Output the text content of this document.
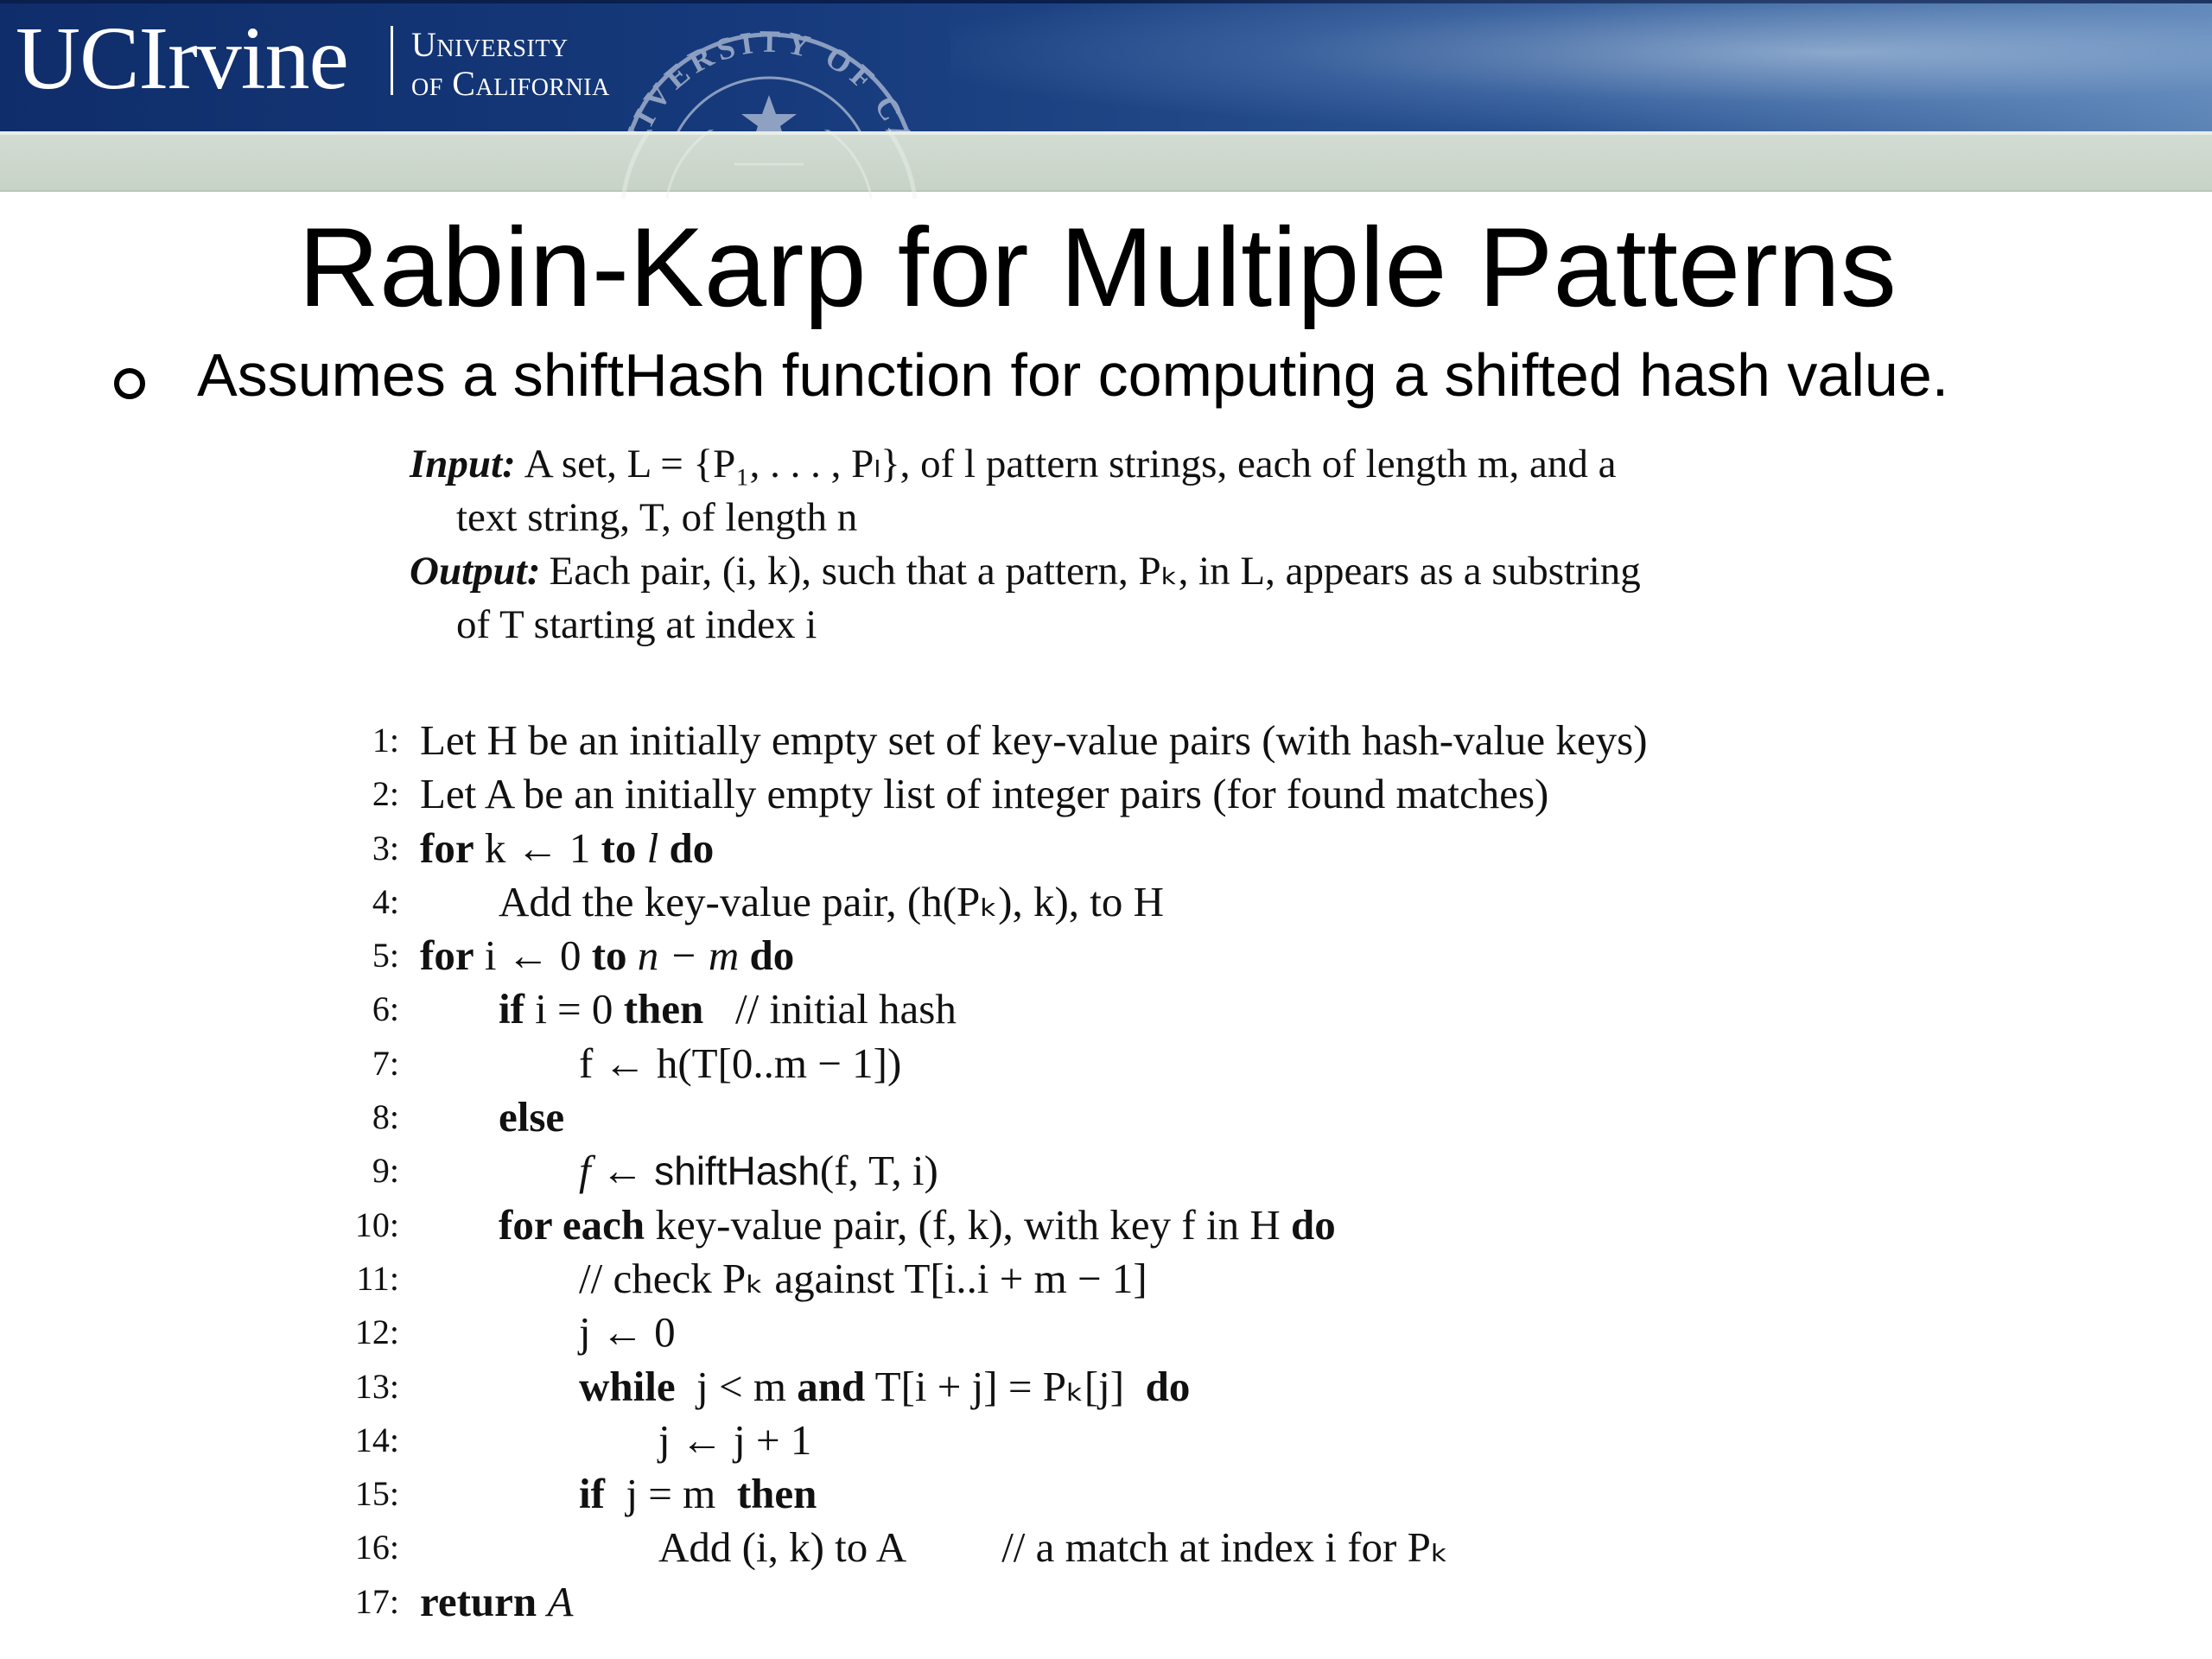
UCIrvine University
of California
IVERSITY OF C
Rabin-Karp for Multiple Patterns
Assumes a shiftHash function for computing a shifted hash value.
Input: A set, L = {P₁, . . . , Pₗ}, of l pattern strings, each of length m, and a
text string, T, of length n
Output: Each pair, (i, k), such that a pattern, Pₖ, in L, appears as a substring
of T starting at index i
1: Let H be an initially empty set of key-value pairs (with hash-value keys)
2: Let A be an initially empty list of integer pairs (for found matches)
3: for k ← 1 to l do
4: Add the key-value pair, (h(Pₖ), k), to H
5: for i ← 0 to n − m do
6: if i = 0 then // initial hash
7:	f ← h(T[0..m − 1])
8: else
9:	f ← shiftHash(f, T, i)
10: for each key-value pair, (f, k), with key f in H do
11:	// check Pₖ against T[i..i + m − 1]
12:	j ← 0
13:	while j < m and T[i + j] = Pₖ[j] do
14:	j ← j + 1
15:	if j = m then
16:	Add (i, k) to A // a match at index i for Pₖ
17: return A
